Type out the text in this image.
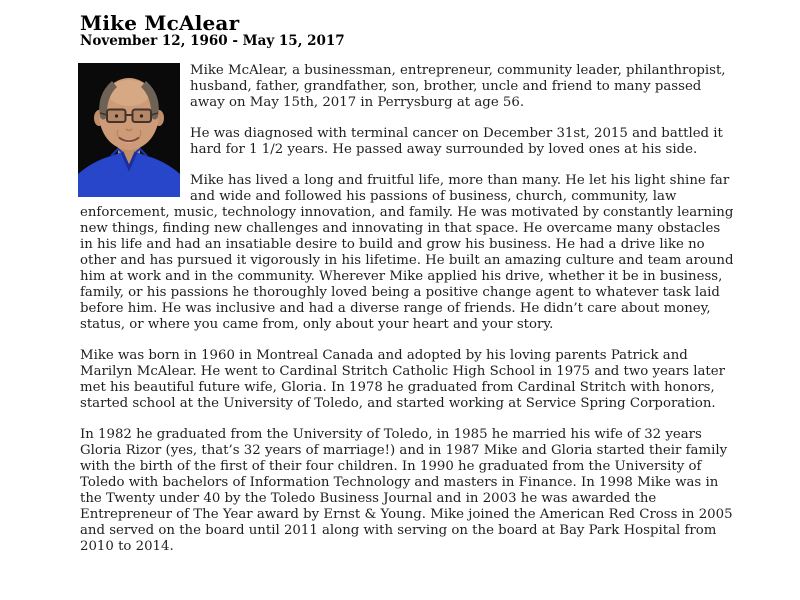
Mike McAlear
November 12, 1960 - May 15, 2017

Mike McAlear, a businessman, entrepreneur, community leader, philanthropist, husband, father, grandfather, son, brother, uncle and friend to many passed away on May 15th, 2017 in Perrysburg at age 56.

He was diagnosed with terminal cancer on December 31st, 2015 and battled it hard for 1 1/2 years. He passed away surrounded by loved ones at his side.

Mike has lived a long and fruitful life, more than many. He let his light shine far and wide and followed his passions of business, church, community, law enforcement, music, technology innovation, and family. He was motivated by constantly learning new things, finding new challenges and innovating in that space. He overcame many obstacles in his life and had an insatiable desire to build and grow his business. He had a drive like no other and has pursued it vigorously in his lifetime. He built an amazing culture and team around him at work and in the community. Wherever Mike applied his drive, whether it be in business, family, or his passions he thoroughly loved being a positive change agent to whatever task laid before him. He was inclusive and had a diverse range of friends. He didn’t care about money, status, or where you came from, only about your heart and your story.

Mike was born in 1960 in Montreal Canada and adopted by his loving parents Patrick and Marilyn McAlear. He went to Cardinal Stritch Catholic High School in 1975 and two years later met his beautiful future wife, Gloria. In 1978 he graduated from Cardinal Stritch with honors, started school at the University of Toledo, and started working at Service Spring Corporation.

In 1982 he graduated from the University of Toledo, in 1985 he married his wife of 32 years Gloria Rizor (yes, that’s 32 years of marriage!) and in 1987 Mike and Gloria started their family with the birth of the first of their four children. In 1990 he graduated from the University of Toledo with bachelors of Information Technology and masters in Finance. In 1998 Mike was in the Twenty under 40 by the Toledo Business Journal and in 2003 he was awarded the Entrepreneur of The Year award by Ernst & Young. Mike joined the American Red Cross in 2005 and served on the board until 2011 along with serving on the board at Bay Park Hospital from 2010 to 2014.
